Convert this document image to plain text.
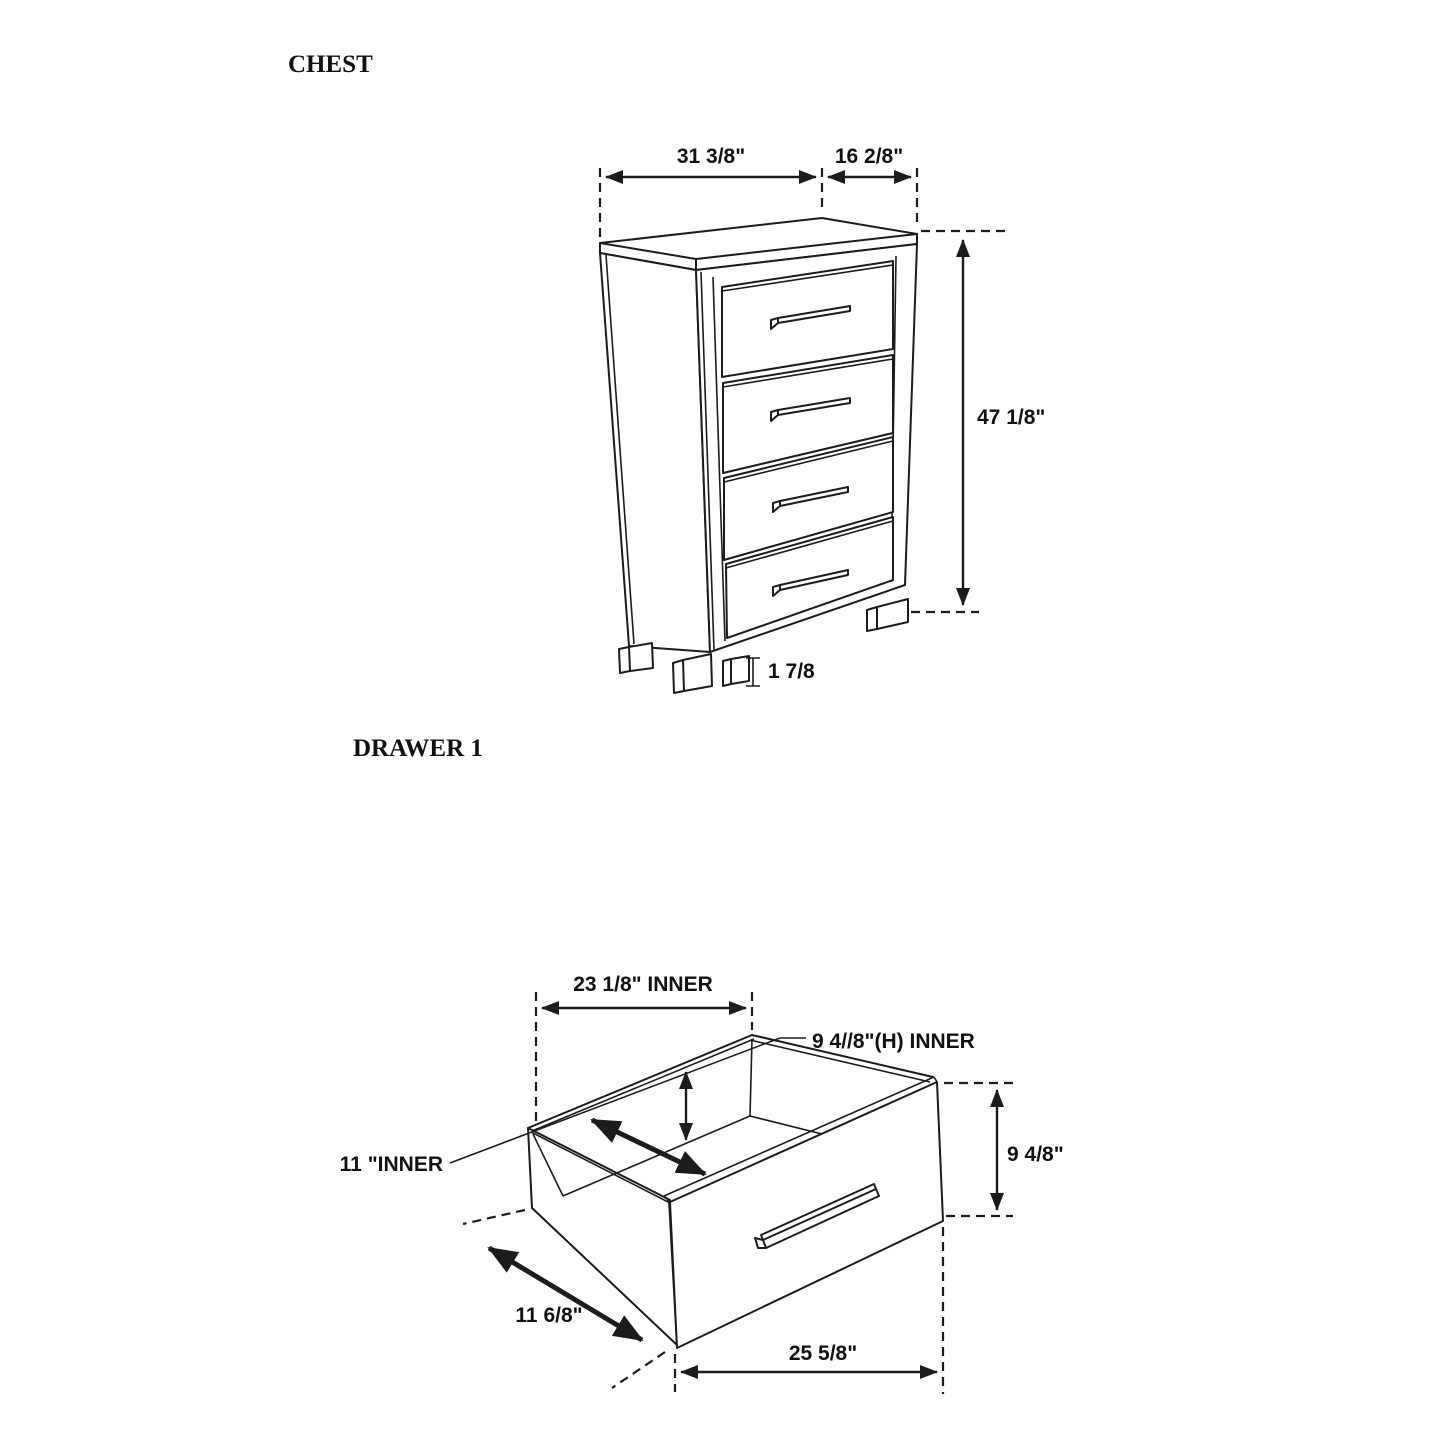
CHEST
31 3/8"	16 2/8"
47 1/8"
1 7/8
DRAWER 1
23 1/8" INNER
9 4//8"(H) INNER
11 "INNER	9 4/8"
11 6/8"
25 5/8"
